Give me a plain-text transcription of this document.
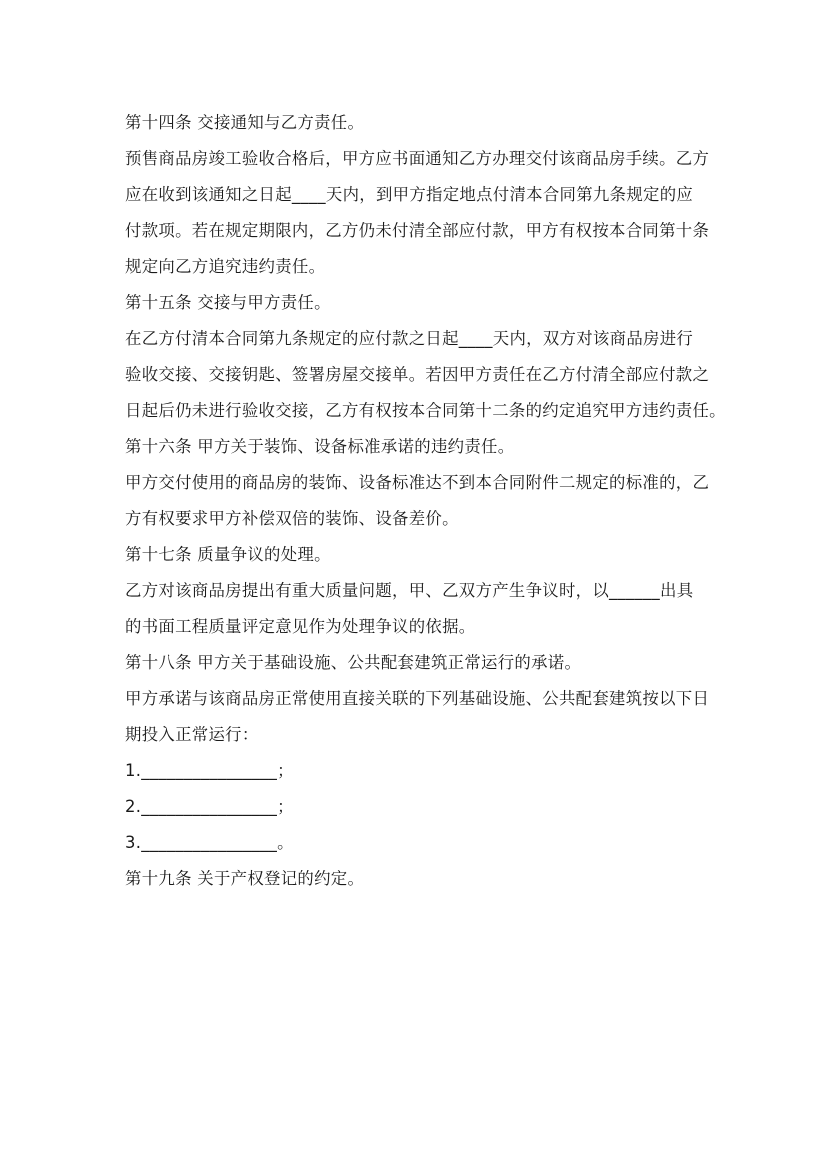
第十四条 交接通知与乙方责任。
预售商品房竣工验收合格后，甲方应书面通知乙方办理交付该商品房手续。乙方
应在收到该通知之日起____天内，到甲方指定地点付清本合同第九条规定的应
付款项。若在规定期限内，乙方仍未付清全部应付款，甲方有权按本合同第十条
规定向乙方追究违约责任。
第十五条 交接与甲方责任。
在乙方付清本合同第九条规定的应付款之日起____天内，双方对该商品房进行
验收交接、交接钥匙、签署房屋交接单。若因甲方责任在乙方付清全部应付款之
日起后仍未进行验收交接，乙方有权按本合同第十二条的约定追究甲方违约责任。
第十六条 甲方关于装饰、设备标准承诺的违约责任。
甲方交付使用的商品房的装饰、设备标准达不到本合同附件二规定的标准的，乙
方有权要求甲方补偿双倍的装饰、设备差价。
第十七条 质量争议的处理。
乙方对该商品房提出有重大质量问题，甲、乙双方产生争议时，以______出具
的书面工程质量评定意见作为处理争议的依据。
第十八条 甲方关于基础设施、公共配套建筑正常运行的承诺。
甲方承诺与该商品房正常使用直接关联的下列基础设施、公共配套建筑按以下日
期投入正常运行：
1.________________；
2.________________；
3.________________。
第十九条 关于产权登记的约定。
